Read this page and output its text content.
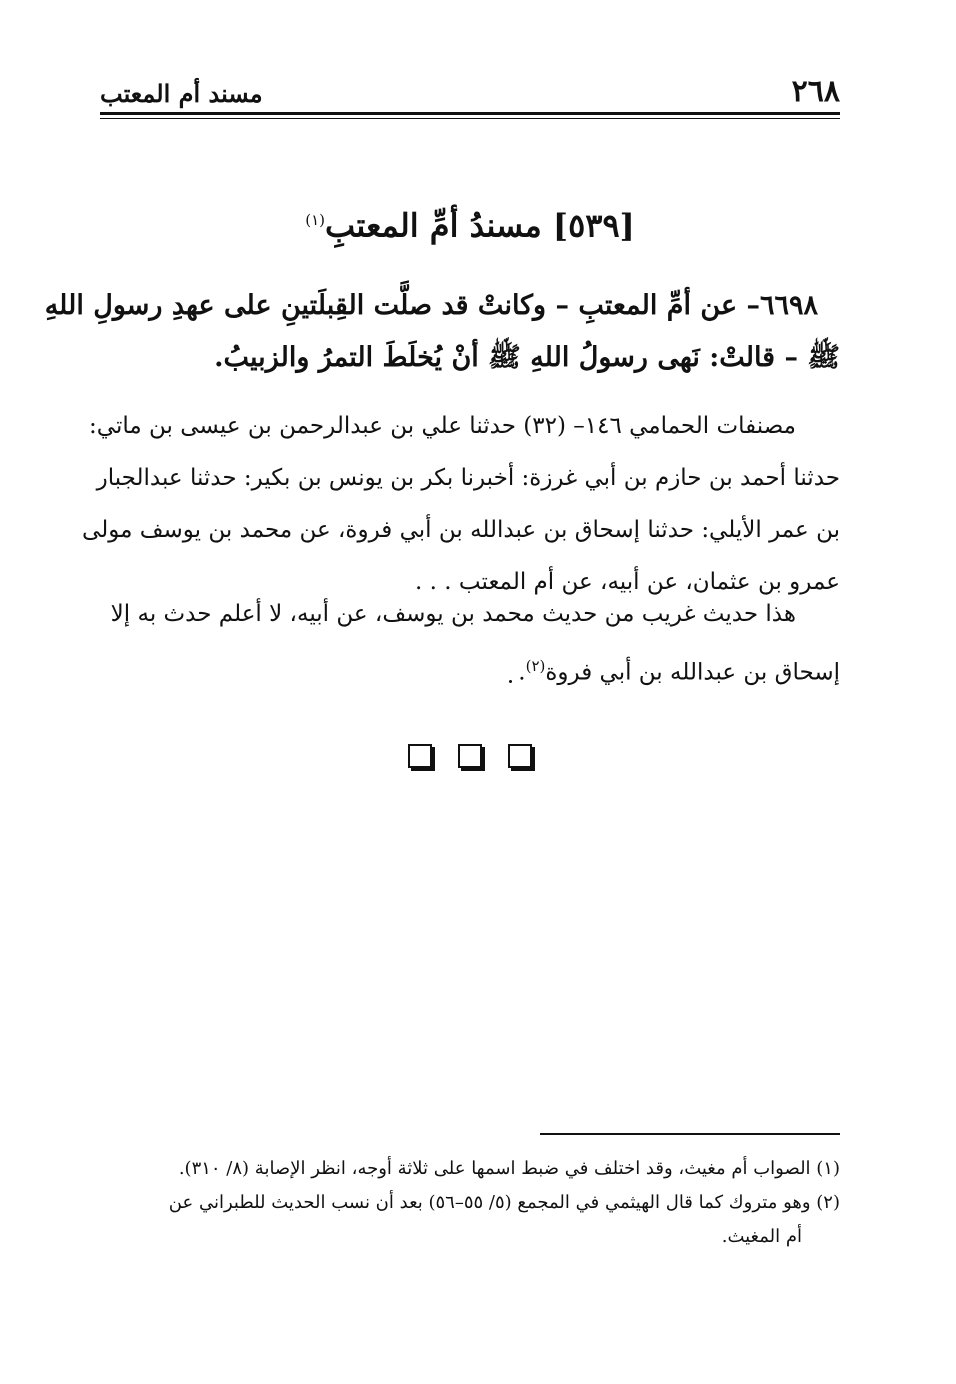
٢٦٨
مسند أم المعتب
[٥٣٩] مسندُ أمِّ المعتبِ$^{(١)}$
٦٦٩٨– عن أمِّ المعتبِ – وكانتْ قد صلَّت القِبلَتينِ على عهدِ رسولِ اللهِ
ﷺ – قالتْ: نَهى رسولُ اللهِ ﷺ أنْ يُخلَطَ التمرُ والزبيبُ.
مصنفات الحمامي ١٤٦– (٣٢) حدثنا علي بن عبدالرحمن بن عيسى بن ماتي:
حدثنا أحمد بن حازم بن أبي غرزة: أخبرنا بكر بن يونس بن بكير: حدثنا عبدالجبار
بن عمر الأيلي: حدثنا إسحاق بن عبدالله بن أبي فروة، عن محمد بن يوسف مولى
عمرو بن عثمان، عن أبيه، عن أم المعتب . . .
هذا حديث غريب من حديث محمد بن يوسف، عن أبيه، لا أعلم حدث به إلا
إسحاق بن عبدالله بن أبي فروة$^{(٢)}$.
(١) الصواب أم مغيث، وقد اختلف في ضبط اسمها على ثلاثة أوجه، انظر الإصابة (٨/ ٣١٠).
(٢) وهو متروك كما قال الهيثمي في المجمع (٥/ ٥٥–٥٦) بعد أن نسب الحديث للطبراني عن
أم المغيث.
